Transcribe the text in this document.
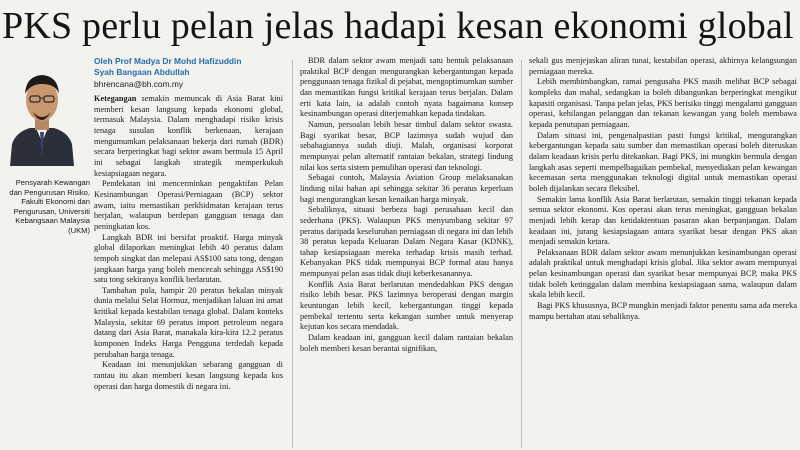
PKS perlu pelan jelas hadapi kesan ekonomi global
Pensyarah Kewangan dan Pengurusan Risiko, Fakulti Ekonomi dan Pengurusan, Universiti Kebangsaan Malaysia (UKM)
Oleh Prof Madya Dr Mohd Hafizuddin
Syah Bangaan Abdullah
bhrencana@bh.com.my

Ketegangan semakin memuncak di Asia Barat kini memberi kesan langsung kepada ekonomi global, termasuk Malaysia. Dalam menghadapi risiko krisis tenaga susulan konflik berkenaan, kerajaan mengumumkan pelaksanaan bekerja dari rumah (BDR) secara berperingkat bagi sektor awam bermula 15 April ini sebagai langkah strategik memperkukuh kesiapsiagaan negara.

Pendekatan ini mencerminkan pengaktifan Pelan Kesinambungan Operasi/Perniagaan (BCP) sektor awam, iaitu memastikan perkhidmatan kerajaan terus berjalan, walaupun berdepan gangguan tenaga dan peningkatan kos.

Langkah BDR ini bersifat proaktif. Harga minyak global dilaporkan meningkat lebih 40 peratus dalam tempoh singkat dan melepasi AS$100 satu tong, dengan jangkaan harga yang boleh mencecah sehingga AS$190 satu tong sekiranya konflik berlarutan.

Tambahan pula, hampir 20 peratus bekalan minyak dunia melalui Selat Hormuz, menjadikan laluan ini amat kritikal kepada kestabilan tenaga global. Dalam konteks Malaysia, sekitar 69 peratus import petroleum negara datang dari Asia Barat, manakala kira-kira 12.2 peratus komponen Indeks Harga Pengguna terdedah kepada perubahan harga tenaga.

Keadaan ini menunjukkan sebarang gangguan di rantau itu akan memberi kesan langsung kepada kos operasi dan harga domestik di negara ini.

BDR dalam sektor awam menjadi satu bentuk pelaksanaan praktikal BCP dengan mengurangkan kebergantungan kepada penggunaan tenaga fizikal di pejabat, mengoptimumkan sumber dan memastikan fungsi kritikal kerajaan terus berjalan. Dalam erti kata lain, ia adalah contoh nyata bagaimana konsep kesinambungan operasi diterjemahkan kepada tindakan.

Namun, persoalan lebih besar timbul dalam sektor swasta. Bagi syarikat besar, BCP lazimnya sudah wujud dan sebahagiannya sudah diuji. Malah, organisasi korporat mempunyai pelan alternatif rantaian bekalan, strategi lindung nilai kos serta sistem pemulihan operasi dan teknologi.

Sebagai contoh, Malaysia Aviation Group melaksanakan lindung nilai bahan api sehingga sekitar 36 peratus keperluan bagi mengurangkan kesan kenaikan harga minyak.

Sebaliknya, situasi berbeza bagi perusahaan kecil dan sederhana (PKS). Walaupun PKS menyumbang sekitar 97 peratus daripada keseluruhan perniagaan di negara ini dan lebih 38 peratus kepada Keluaran Dalam Negara Kasar (KDNK), tahap kesiapsiagaan mereka terhadap krisis masih terhad. Kebanyakan PKS tidak mempunyai BCP formal atau hanya mempunyai pelan asas tidak diuji keberkesanannya.

Konflik Asia Barat berlarutan mendedahkan PKS dengan risiko lebih besar. PKS lazimnya beroperasi dengan margin keuntungan lebih kecil, kebergantungan tinggi kepada pembekal tertentu serta kekangan sumber untuk menyerap kejutan kos secara mendadak.

Dalam keadaan ini, gangguan kecil dalam rantaian bekalan boleh memberi kesan berantai signifikan,

sekali gus menjejaskan aliran tunai, kestabilan operasi, akhirnya kelangsungan perniagaan mereka.

Lebih membimbangkan, ramai pengusaha PKS masih melihat BCP sebagai kompleks dan mahal, sedangkan ia boleh dibangunkan berperingkat mengikut kapasiti organisasi. Tanpa pelan jelas, PKS berisiko tinggi mengalami gangguan operasi, kehilangan pelanggan dan tekanan kewangan yang boleh membawa kepada penutupan perniagaan.

Dalam situasi ini, pengenalpastian pasti fungsi kritikal, mengurangkan kebergantungan kepada satu sumber dan memastikan operasi boleh diteruskan dalam keadaan krisis perlu ditekankan. Bagi PKS, ini mungkin bermula dengan langkah asas seperti mempelbagaikan pembekal, menyediakan pelan kewangan kecemasan serta menggunakan teknologi digital untuk memastikan operasi boleh dijalankan secara fleksibel.

Semakin lama konflik Asia Barat berlarutan, semakin tinggi tekanan kepada semua sektor ekonomi. Kos operasi akan terus meningkat, gangguan bekalan menjadi lebih kerap dan ketidaktentuan pasaran akan berpanjangan. Dalam keadaan ini, jurang kesiapsiagaan antara syarikat besar dengan PKS akan menjadi semakin ketara.

Pelaksanaan BDR dalam sektor awam menunjukkan kesinambungan operasi adalah praktikal untuk menghadapi krisis global. Jika sektor awam mempunyai pelan kesinambungan operasi dan syarikat besar mempunyai BCP, maka PKS tidak boleh ketinggalan dalam membina kesiapsiagaan sama, walaupun dalam skala lebih kecil.

Bagi PKS khususnya, BCP mungkin menjadi faktor penentu sama ada mereka mampu bertahan atau sebaliknya.
